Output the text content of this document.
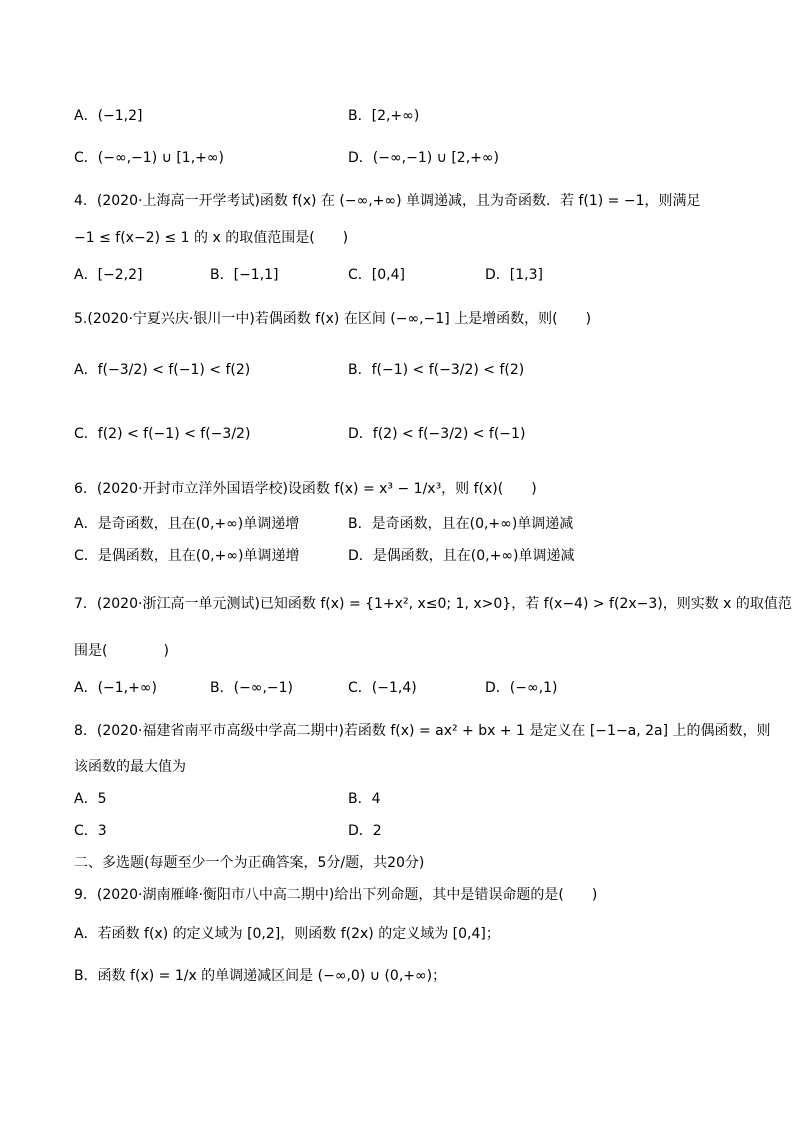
A．(−1,2]	B．[2,+∞)
C．(−∞,−1) ∪ [1,+∞)	D．(−∞,−1) ∪ [2,+∞)
4．(2020·上海高一开学考试)函数 f(x) 在 (−∞,+∞) 单调递减，且为奇函数．若 f(1) = −1，则满足
−1 ≤ f(x−2) ≤ 1 的 x 的取值范围是(　　)
A．[−2,2]	B．[−1,1]	C．[0,4]	D．[1,3]
5.(2020·宁夏兴庆·银川一中)若偶函数 f(x) 在区间 (−∞,−1] 上是增函数，则(　　)
A．f(−3/2) < f(−1) < f(2)	B．f(−1) < f(−3/2) < f(2)
C．f(2) < f(−1) < f(−3/2)	D．f(2) < f(−3/2) < f(−1)
6．(2020·开封市立洋外国语学校)设函数 f(x) = x³ − 1/x³，则 f(x)(　　)
A．是奇函数，且在(0,+∞)单调递增	B．是奇函数，且在(0,+∞)单调递减
C．是偶函数，且在(0,+∞)单调递增	D．是偶函数，且在(0,+∞)单调递减
7．(2020·浙江高一单元测试)已知函数 f(x) = {1+x², x≤0; 1, x>0}，若 f(x−4) > f(2x−3)，则实数 x 的取值范
围是(　　　　)
A．(−1,+∞)	B．(−∞,−1)	C．(−1,4)	D．(−∞,1)
8．(2020·福建省南平市高级中学高二期中)若函数 f(x) = ax² + bx + 1 是定义在 [−1−a, 2a] 上的偶函数，则
该函数的最大值为
A．5	B．4
C．3	D．2
二、多选题(每题至少一个为正确答案，5分/题，共20分)
9．(2020·湖南雁峰·衡阳市八中高二期中)给出下列命题，其中是错误命题的是(　　)
A．若函数 f(x) 的定义域为 [0,2]，则函数 f(2x) 的定义域为 [0,4]；
B．函数 f(x) = 1/x 的单调递减区间是 (−∞,0) ∪ (0,+∞)；
